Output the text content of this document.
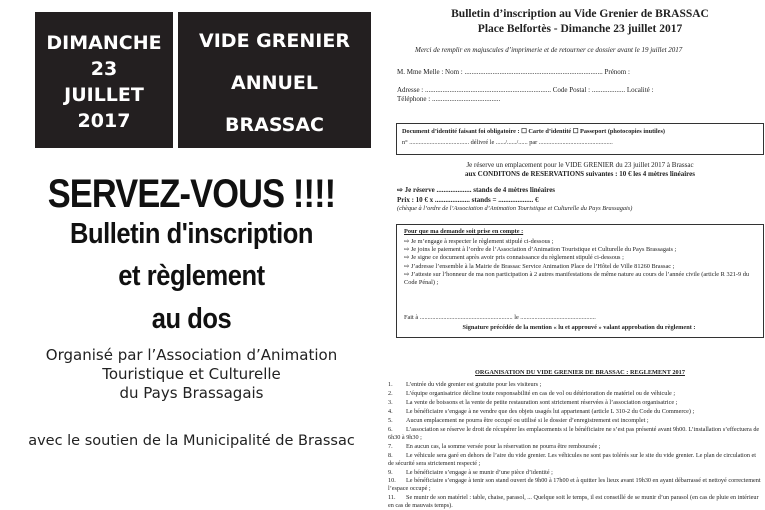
DIMANCHE
23
JUILLET
2017
VIDE GRENIER
ANNUEL
BRASSAC
SERVEZ-VOUS !!!!
Bulletin d'inscription
et règlement
au dos
Organisé par l’Association d’Animation
Touristique et Culturelle
du Pays Brassagais
avec le soutien de la Municipalité de Brassac
Bulletin d’inscription au Vide Grenier de BRASSAC
Place Belfortès - Dimanche 23 juillet 2017
Merci de remplir en majuscules d’imprimerie et de retourner ce dossier avant le 19 juillet 2017
M. Mme Melle : Nom : ............................................................................... Prénom :
Adresse : ........................................................................ Code Postal : ................... Localité :
Téléphone : .......................................
Document d’identité faisant foi obligatoire : ☐ Carte d’identité ☐ Passeport (photocopies inutiles)
n° ...................................... délivré le ....../....../...... par ...............................................
Je réserve un emplacement pour le VIDE GRENIER du 23 juillet 2017 à Brassac
aux CONDITONS de RESERVATIONS suivantes : 10 € les 4 mètres linéaires
⇨ Je réserve .................... stands de 4 mètres linéaires
Prix : 10 € x .................... stands = .................... €
(chèque à l’ordre de l’Association d’Animation Touristique et Culturelle du Pays Brassagais)
Pour que ma demande soit prise en compte :
⇨ Je m’engage à respecter le règlement stipulé ci-dessous ;
⇨ Je joins le paiement à l’ordre de l’Association d’Animation Touristique et Culturelle du Pays Brassagais ;
⇨ Je signe ce document après avoir pris connaissance du règlement stipulé ci-dessous ;
⇨ J’adresse l’ensemble à la Mairie de Brassac Service Animation Place de l’Hôtel de Ville 81260 Brassac ;
⇨ J’atteste sur l’honneur de ma non participation à 2 autres manifestations de même nature au cours de l’année civile (article R 321-9 du Code Pénal) ;
Fait à ........................................................... le ................................................
Signature précédée de la mention « lu et approuvé » valant approbation du règlement :
ORGANISATION DU VIDE GRENIER DE BRASSAC : REGLEMENT 2017
1. L’entrée du vide grenier est gratuite pour les visiteurs ;
2. L’équipe organisatrice décline toute responsabilité en cas de vol ou détérioration de matériel ou de véhicule ;
3. La vente de boissons et la vente de petite restauration sont strictement réservées à l’association organisatrice ;
4. Le bénéficiaire s’engage à ne vendre que des objets usagés lui appartenant (article L 310-2 du Code du Commerce) ;
5. Aucun emplacement ne pourra être occupé ou utilisé si le dossier d’enregistrement est incomplet ;
6. L’association se réserve le droit de récupérer les emplacements si le bénéficiaire ne s’est pas présenté avant 9h00. L’installation s’effectuera de 6h30 à 9h30 ;
7. En aucun cas, la somme versée pour la réservation ne pourra être remboursée ;
8. Le véhicule sera garé en dehors de l’aire du vide grenier. Les véhicules ne sont pas tolérés sur le site du vide grenier. Le plan de circulation et de sécurité sera strictement respecté ;
9. Le bénéficiaire s’engage à se munir d’une pièce d’identité ;
10. Le bénéficiaire s’engage à tenir son stand ouvert de 9h00 à 17h00 et à quitter les lieux avant 19h30 en ayant débarrassé et nettoyé correctement l’espace occupé ;
11. Se munir de son matériel : table, chaise, parasol, ... Quelque soit le temps, il est conseillé de se munir d’un parasol (en cas de pluie en intérieur en cas de mauvais temps).
